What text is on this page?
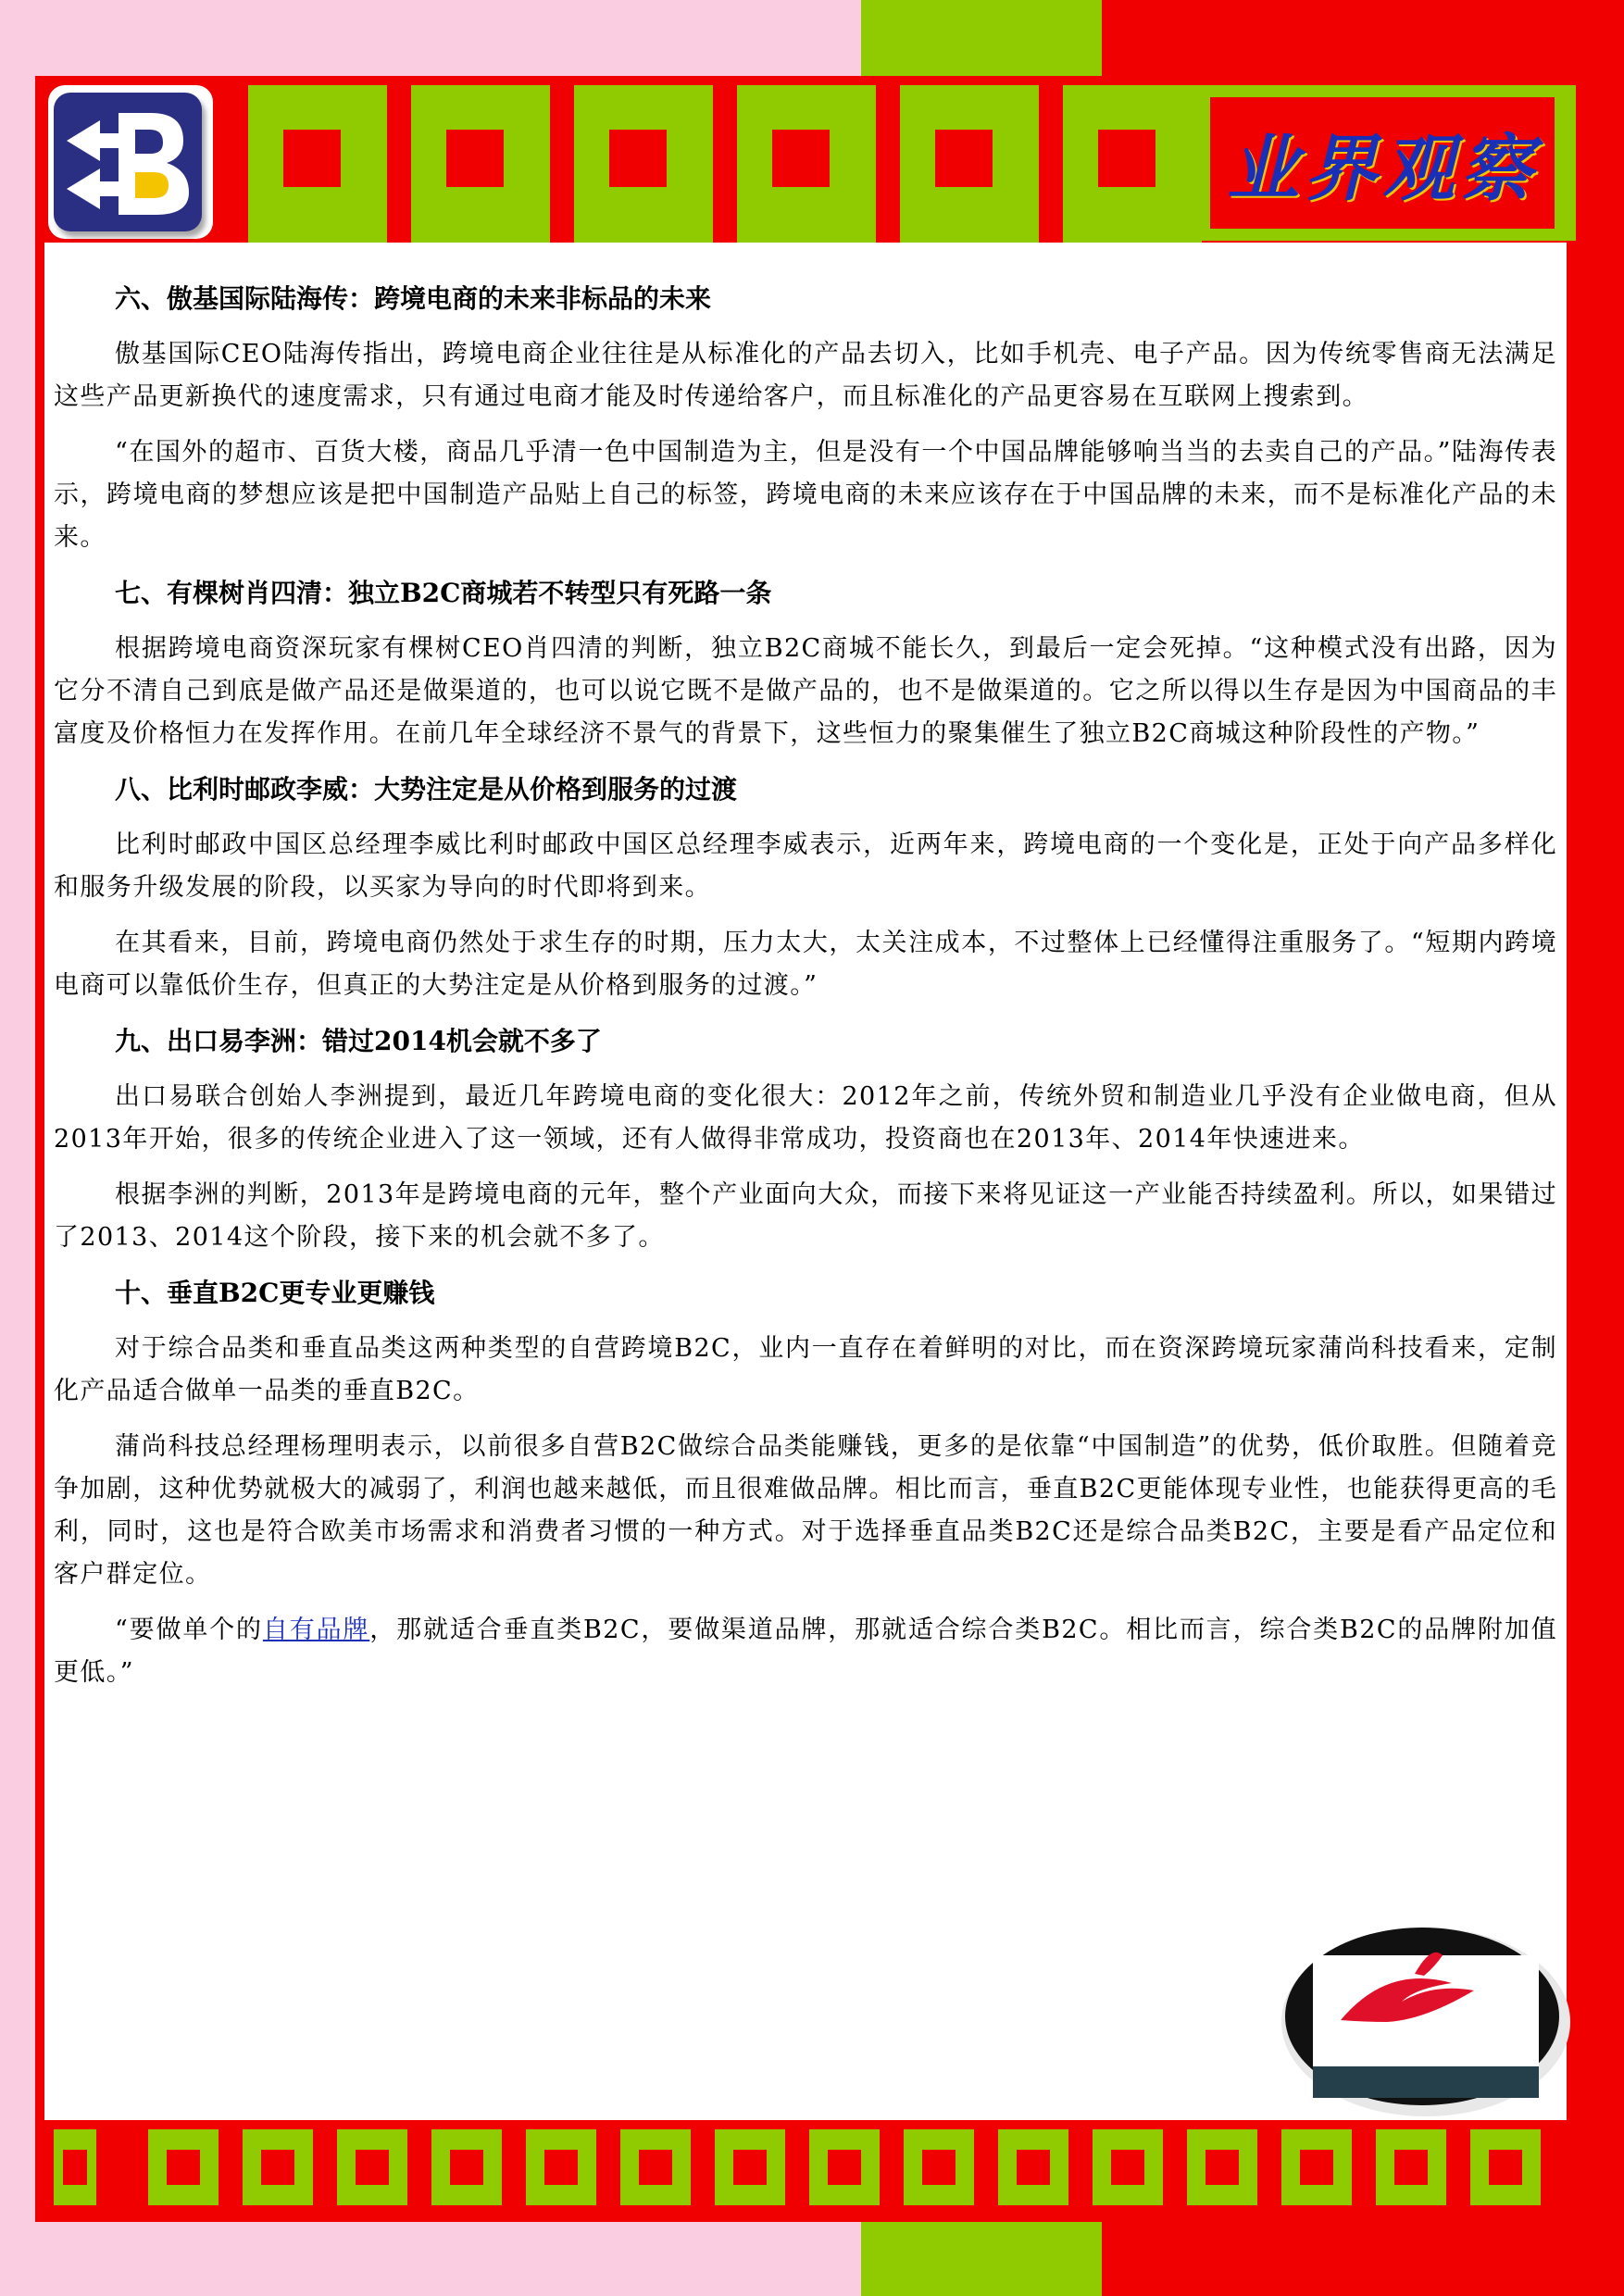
业界观察
六、傲基国际陆海传：跨境电商的未来非标品的未来

傲基国际CEO陆海传指出，跨境电商企业往往是从标准化的产品去切入，比如手机壳、电子产品。因为传统零售商无法满足这些产品更新换代的速度需求，只有通过电商才能及时传递给客户，而且标准化的产品更容易在互联网上搜索到。

“在国外的超市、百货大楼，商品几乎清一色中国制造为主，但是没有一个中国品牌能够响当当的去卖自己的产品。”陆海传表示，跨境电商的梦想应该是把中国制造产品贴上自己的标签，跨境电商的未来应该存在于中国品牌的未来，而不是标准化产品的未来。

七、有棵树肖四清：独立B2C商城若不转型只有死路一条

根据跨境电商资深玩家有棵树CEO肖四清的判断，独立B2C商城不能长久，到最后一定会死掉。“这种模式没有出路，因为它分不清自己到底是做产品还是做渠道的，也可以说它既不是做产品的，也不是做渠道的。它之所以得以生存是因为中国商品的丰富度及价格恒力在发挥作用。在前几年全球经济不景气的背景下，这些恒力的聚集催生了独立B2C商城这种阶段性的产物。”

八、比利时邮政李威：大势注定是从价格到服务的过渡

比利时邮政中国区总经理李威比利时邮政中国区总经理李威表示，近两年来，跨境电商的一个变化是，正处于向产品多样化和服务升级发展的阶段，以买家为导向的时代即将到来。

在其看来，目前，跨境电商仍然处于求生存的时期，压力太大，太关注成本，不过整体上已经懂得注重服务了。“短期内跨境电商可以靠低价生存，但真正的大势注定是从价格到服务的过渡。”

九、出口易李洲：错过2014机会就不多了

出口易联合创始人李洲提到，最近几年跨境电商的变化很大：2012年之前，传统外贸和制造业几乎没有企业做电商，但从2013年开始，很多的传统企业进入了这一领域，还有人做得非常成功，投资商也在2013年、2014年快速进来。

根据李洲的判断，2013年是跨境电商的元年，整个产业面向大众，而接下来将见证这一产业能否持续盈利。所以，如果错过了2013、2014这个阶段，接下来的机会就不多了。

十、垂直B2C更专业更赚钱

对于综合品类和垂直品类这两种类型的自营跨境B2C，业内一直存在着鲜明的对比，而在资深跨境玩家蒲尚科技看来，定制化产品适合做单一品类的垂直B2C。

蒲尚科技总经理杨理明表示，以前很多自营B2C做综合品类能赚钱，更多的是依靠“中国制造”的优势，低价取胜。但随着竞争加剧，这种优势就极大的减弱了，利润也越来越低，而且很难做品牌。相比而言，垂直B2C更能体现专业性，也能获得更高的毛利，同时，这也是符合欧美市场需求和消费者习惯的一种方式。对于选择垂直品类B2C还是综合品类B2C，主要是看产品定位和客户群定位。

“要做单个的自有品牌，那就适合垂直类B2C，要做渠道品牌，那就适合综合类B2C。相比而言，综合类B2C的品牌附加值更低。”
